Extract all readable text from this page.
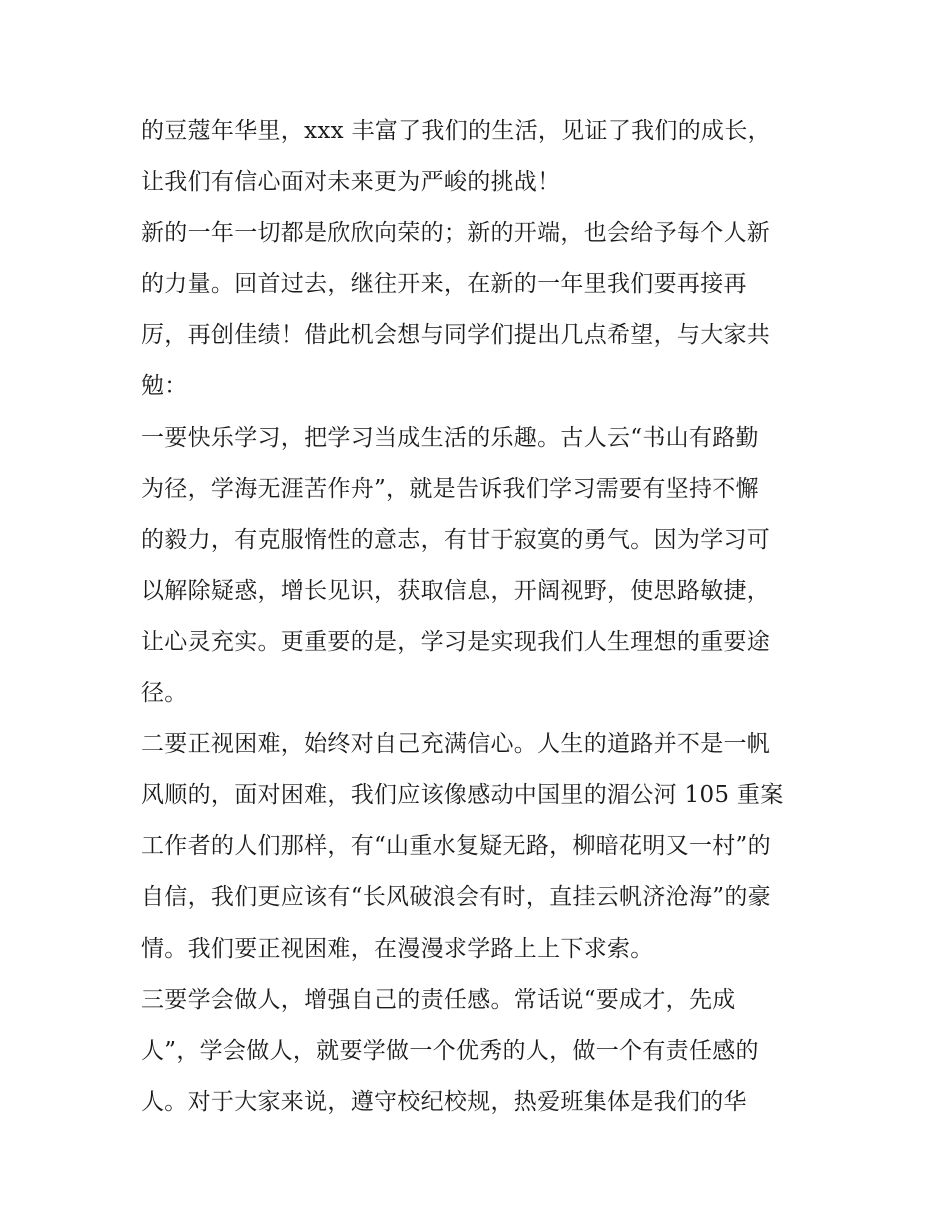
的豆蔻年华里，xxx 丰富了我们的生活，见证了我们的成长，
让我们有信心面对未来更为严峻的挑战！
新的一年一切都是欣欣向荣的；新的开端，也会给予每个人新
的力量。回首过去，继往开来，在新的一年里我们要再接再
厉，再创佳绩！借此机会想与同学们提出几点希望，与大家共
勉：
一要快乐学习，把学习当成生活的乐趣。古人云“书山有路勤
为径，学海无涯苦作舟”，就是告诉我们学习需要有坚持不懈
的毅力，有克服惰性的意志，有甘于寂寞的勇气。因为学习可
以解除疑惑，增长见识，获取信息，开阔视野，使思路敏捷，
让心灵充实。更重要的是，学习是实现我们人生理想的重要途
径。
二要正视困难，始终对自己充满信心。人生的道路并不是一帆
风顺的，面对困难，我们应该像感动中国里的湄公河 105 重案
工作者的人们那样，有“山重水复疑无路，柳暗花明又一村”的
自信，我们更应该有“长风破浪会有时，直挂云帆济沧海”的豪
情。我们要正视困难，在漫漫求学路上上下求索。
三要学会做人，增强自己的责任感。常话说“要成才，先成
人”，学会做人，就要学做一个优秀的人，做一个有责任感的
人。对于大家来说，遵守校纪校规，热爱班集体是我们的华
